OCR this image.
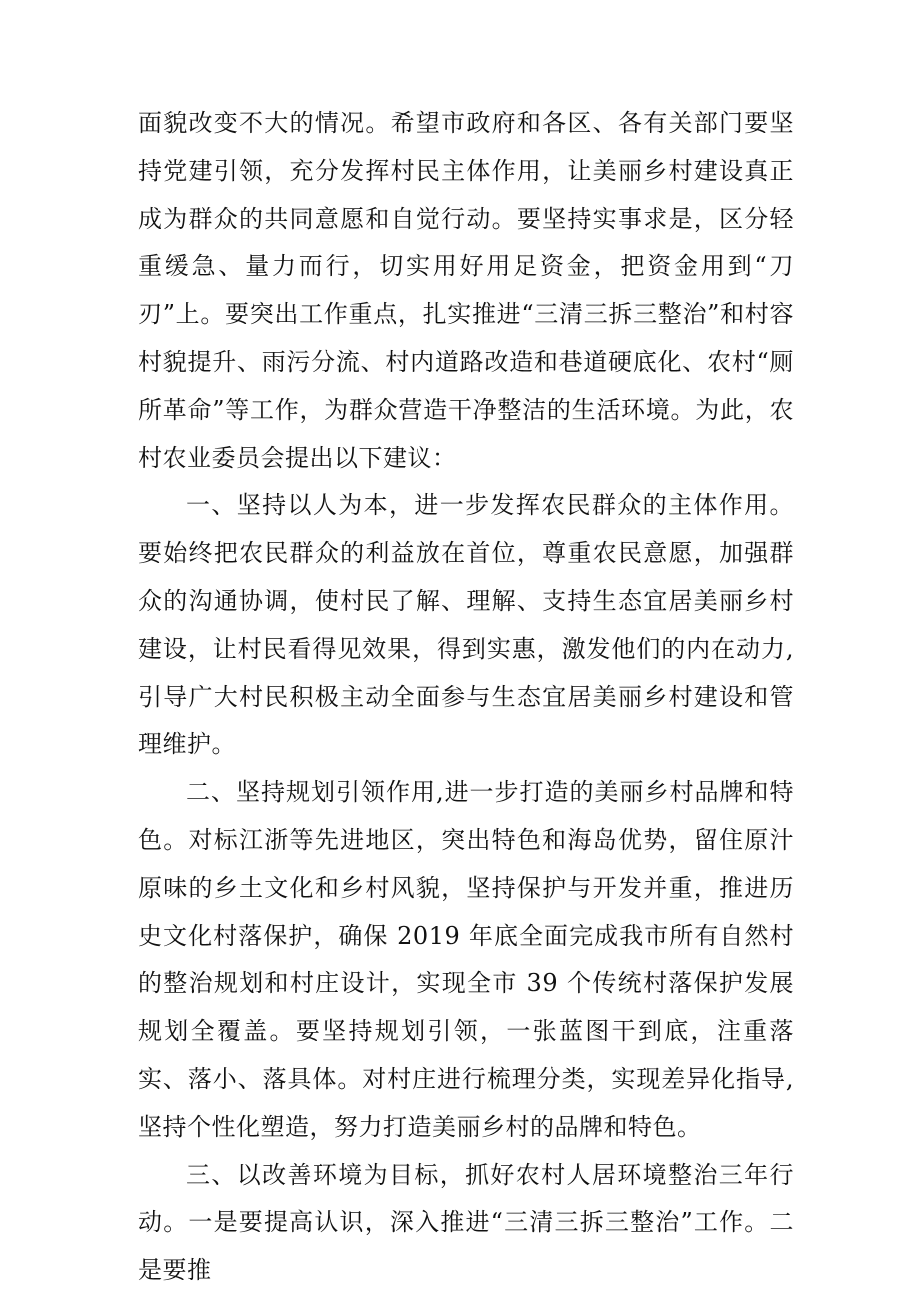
面貌改变不大的情况。希望市政府和各区、各有关部门要坚持党建引领，充分发挥村民主体作用，让美丽乡村建设真正成为群众的共同意愿和自觉行动。要坚持实事求是，区分轻重缓急、量力而行，切实用好用足资金，把资金用到“刀刃”上。要突出工作重点，扎实推进“三清三拆三整治”和村容村貌提升、雨污分流、村内道路改造和巷道硬底化、农村“厕所革命”等工作，为群众营造干净整洁的生活环境。为此，农村农业委员会提出以下建议：

一、坚持以人为本，进一步发挥农民群众的主体作用。要始终把农民群众的利益放在首位，尊重农民意愿，加强群众的沟通协调，使村民了解、理解、支持生态宜居美丽乡村建设，让村民看得见效果，得到实惠，激发他们的内在动力,引导广大村民积极主动全面参与生态宜居美丽乡村建设和管理维护。

二、坚持规划引领作用,进一步打造的美丽乡村品牌和特色。对标江浙等先进地区，突出特色和海岛优势，留住原汁原味的乡土文化和乡村风貌，坚持保护与开发并重，推进历史文化村落保护，确保 2019 年底全面完成我市所有自然村的整治规划和村庄设计，实现全市 39 个传统村落保护发展规划全覆盖。要坚持规划引领，一张蓝图干到底，注重落实、落小、落具体。对村庄进行梳理分类，实现差异化指导,坚持个性化塑造，努力打造美丽乡村的品牌和特色。

三、以改善环境为目标，抓好农村人居环境整治三年行动。一是要提高认识，深入推进“三清三拆三整治”工作。二是要推
